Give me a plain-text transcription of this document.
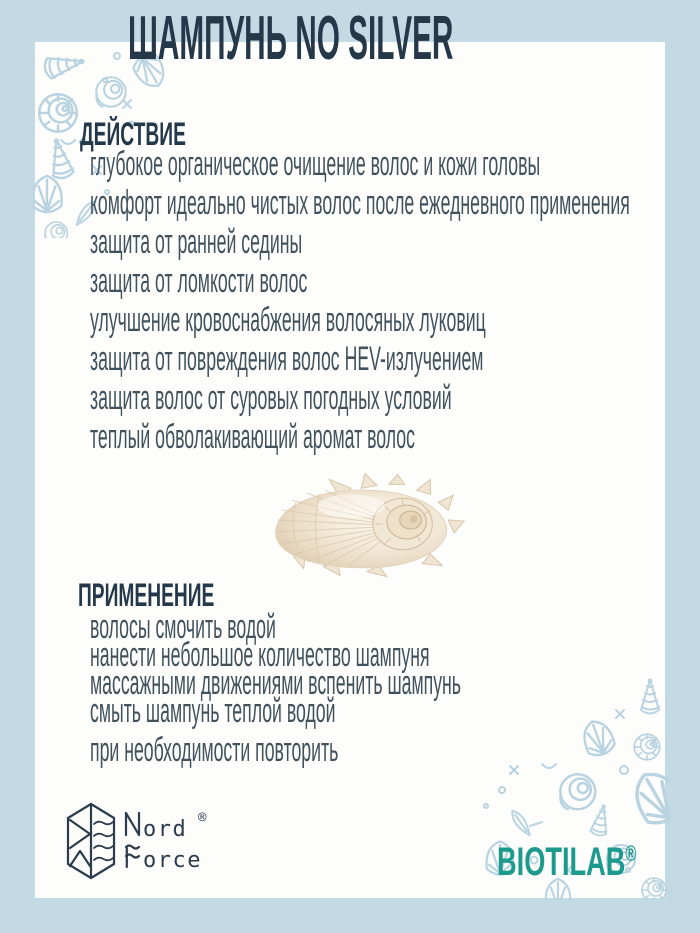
ШАМПУНЬ NO SILVER
ДЕЙСТВИЕ
глубокое органическое очищение волос и кожи головы
комфорт идеально чистых волос после ежедневного применения
защита от ранней седины
защита от ломкости волос
улучшение кровоснабжения волосяных луковиц
защита от повреждения волос HEV-излучением
защита волос от суровых погодных условий
теплый обволакивающий аромат волос
ПРИМЕНЕНИЕ
волосы смочить водой
нанести небольшое количество шампуня
массажными движениями вспенить шампунь
смыть шампунь теплой водой
при необходимости повторить
ord ®
orce	BIOTILAB®
